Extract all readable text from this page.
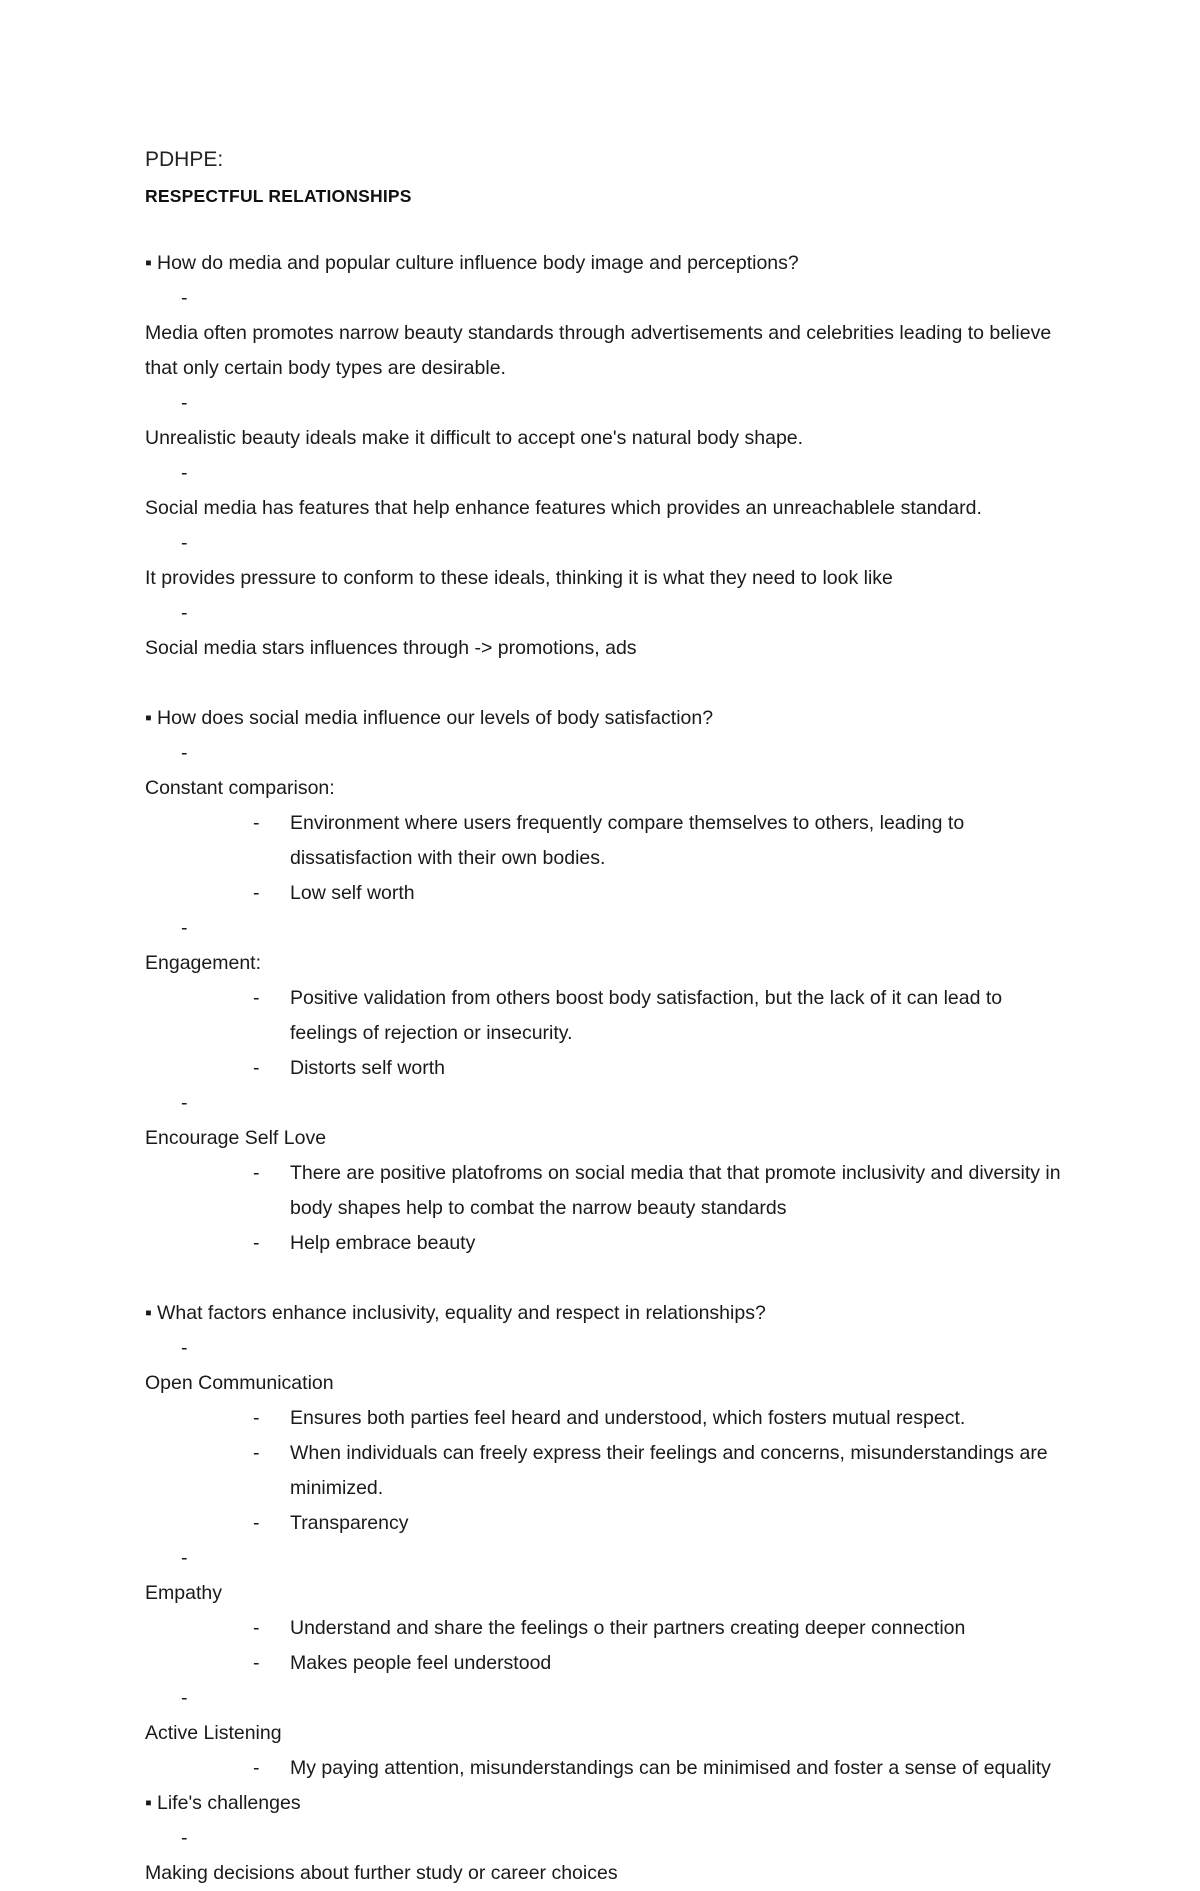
PDHPE:

RESPECTFUL RELATIONSHIPS

▪ How do media and popular culture influence body image and perceptions?
-
Media often promotes narrow beauty standards through advertisements and celebrities leading to believe that only certain body types are desirable.
-
Unrealistic beauty ideals make it difficult to accept one's natural body shape.
-
Social media has features that help enhance features which provides an unreachablele standard.
-
It provides pressure to conform to these ideals, thinking it is what they need to look like
-
Social media stars influences through -> promotions, ads
▪ How does social media influence our levels of body satisfaction?
-
Constant comparison:
-	Environment where users frequently compare themselves to others, leading to dissatisfaction with their own bodies.
-	Low self worth
-
Engagement:
-	Positive validation from others boost body satisfaction, but the lack of it can lead to feelings of rejection or insecurity.
-	Distorts self worth
-
Encourage Self Love
-	There are positive platofroms on social media that that promote inclusivity and diversity in body shapes help to combat the narrow beauty standards
-	Help embrace beauty
▪ What factors enhance inclusivity, equality and respect in relationships?
-
Open Communication
-	Ensures both parties feel heard and understood, which fosters mutual respect.
-	When individuals can freely express their feelings and concerns, misunderstandings are minimized.
-	Transparency
-
Empathy
-	Understand and share the feelings o their partners creating deeper connection
-	Makes people feel understood
-
Active Listening
-	My paying attention, misunderstandings can be minimised and foster a sense of equality
▪ Life's challenges
-
Making decisions about further study or career choices
